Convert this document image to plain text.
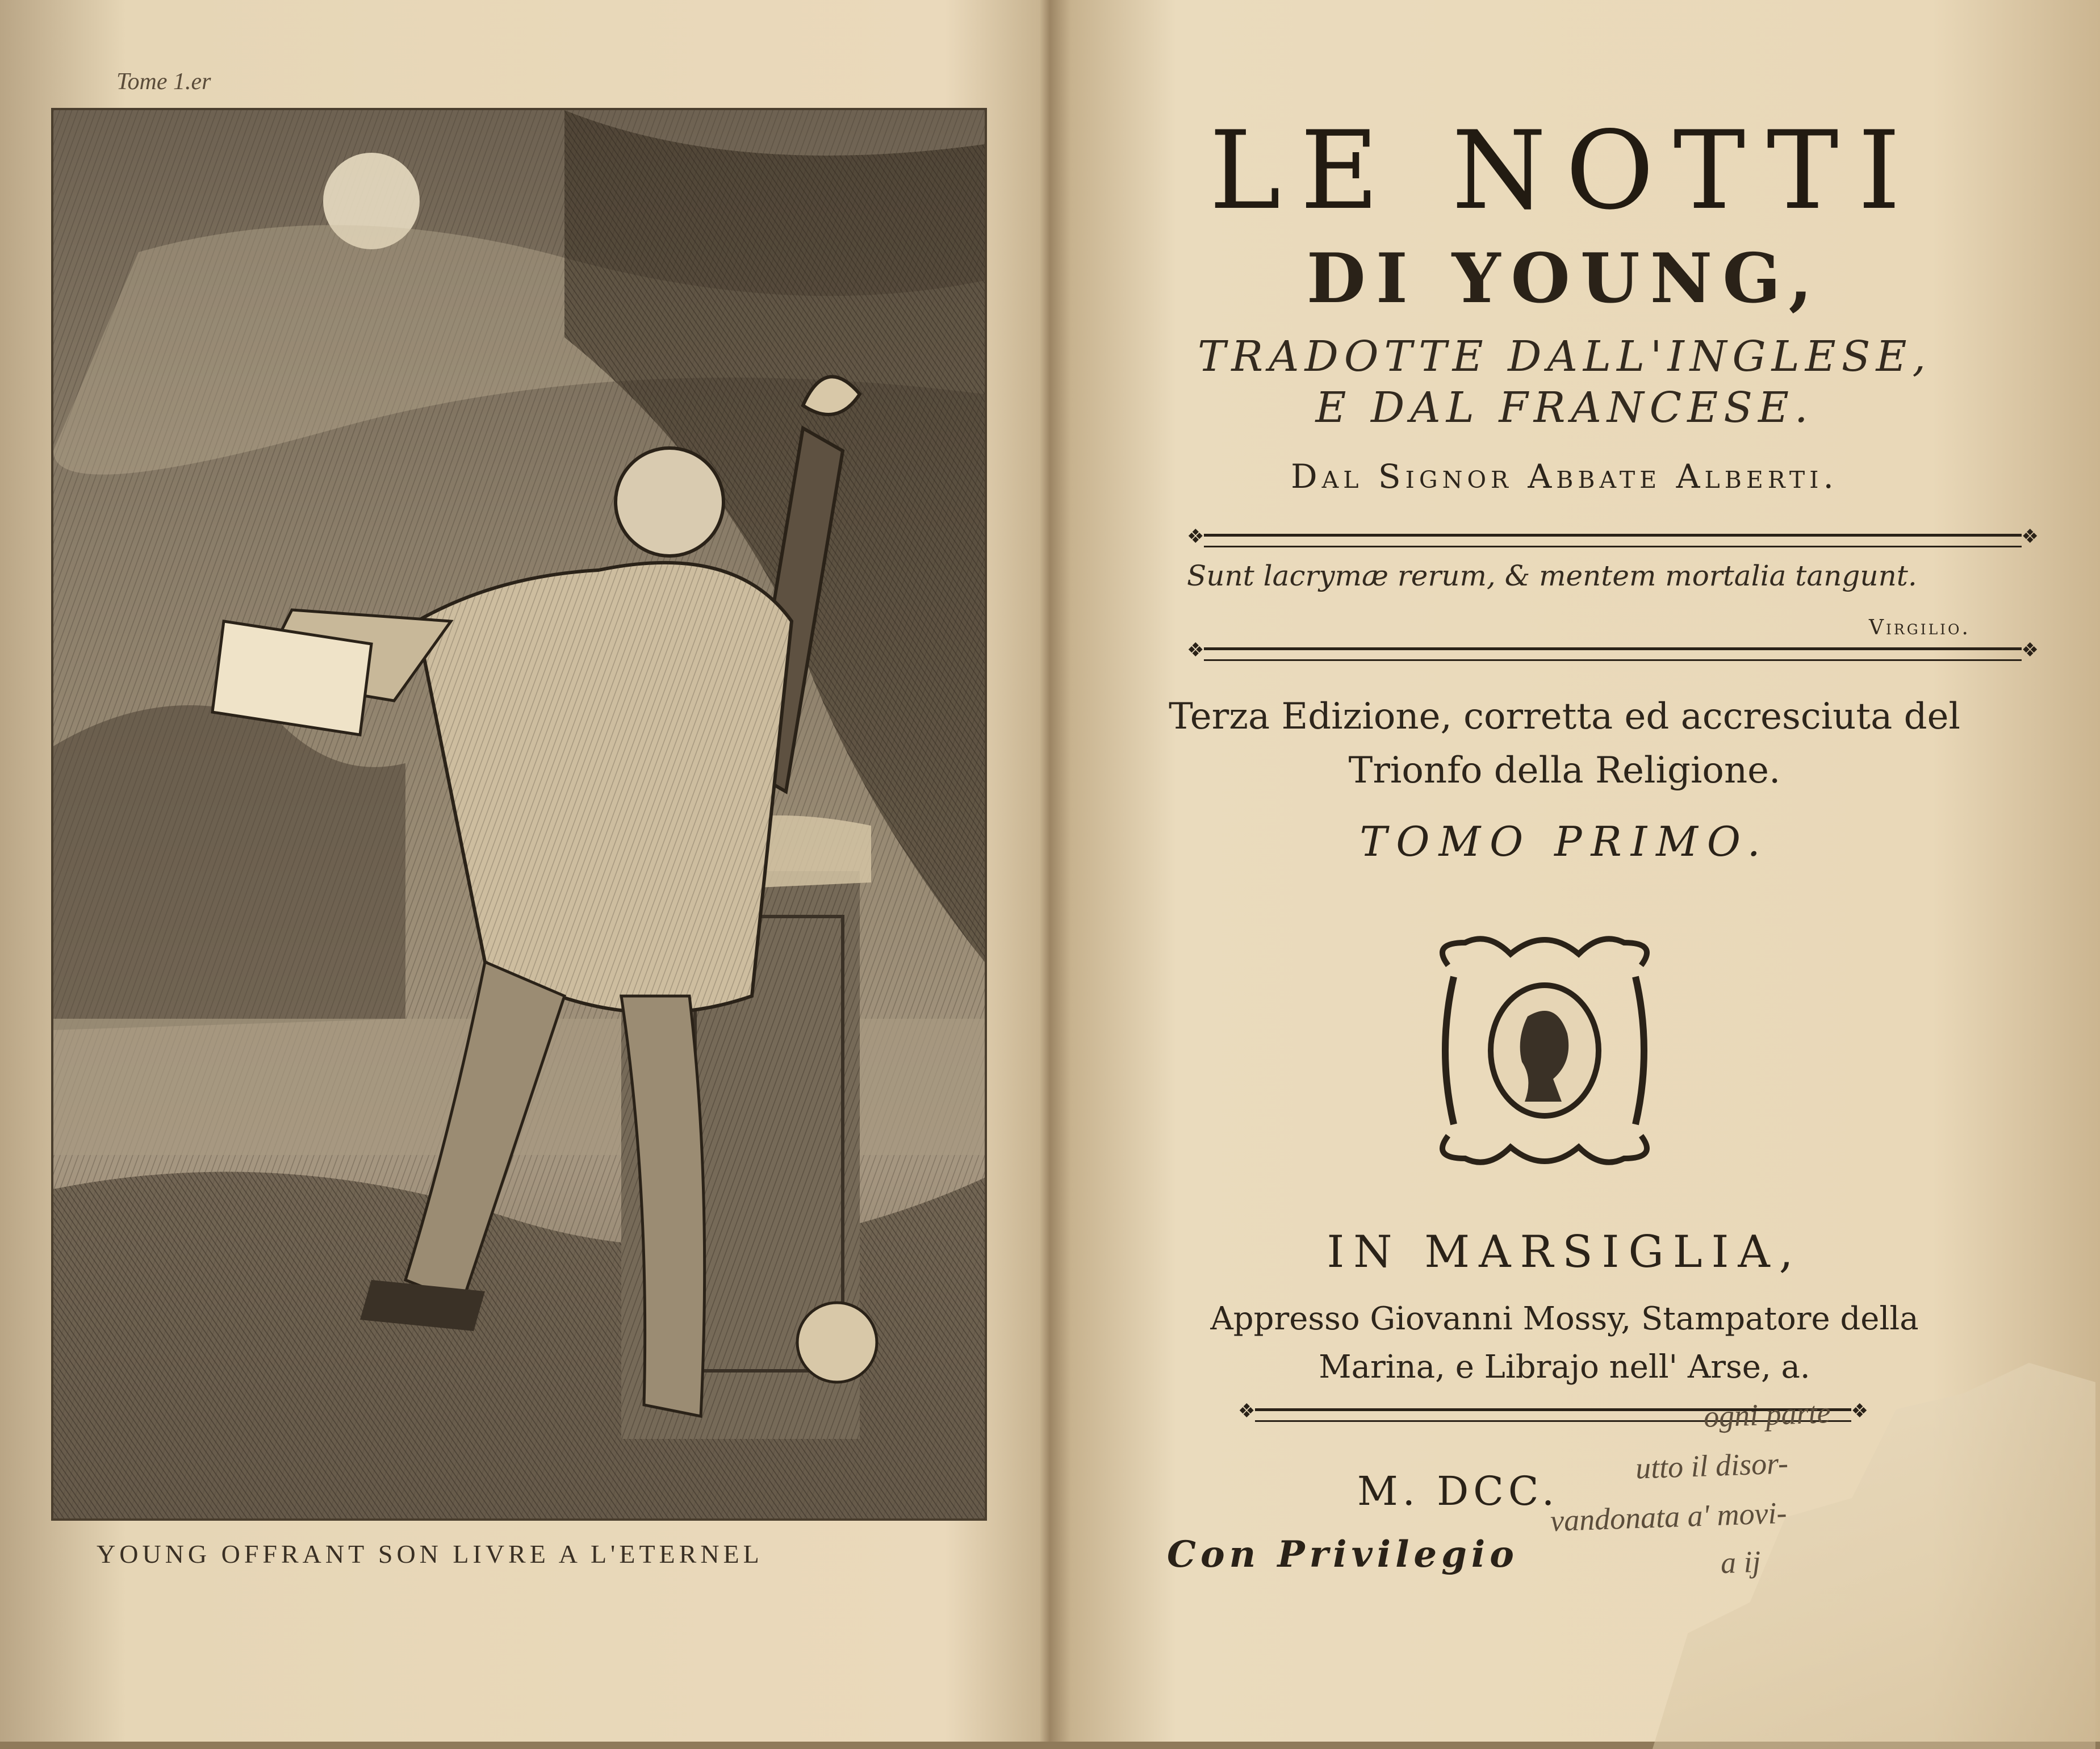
Tome 1.er
YOUNG OFFRANT SON LIVRE A L'ETERNEL
LE NOTTI
DI YOUNG,
TRADOTTE DALL'INGLESE,
E DAL FRANCESE.
Dal Signor Abbate Alberti.
❖ ❖
Sunt lacrymæ rerum, & mentem mortalia tangunt.
Virgilio.
❖ ❖
Terza Edizione, corretta ed accresciuta del
Trionfo della Religione.
TOMO PRIMO.
IN MARSIGLIA,
Appresso Giovanni Mossy, Stampatore della
Marina, e Librajo nell' Arse, a.
❖ ❖
ogni parte
utto il disor-
vandonata a' movi-
a ij
M. DCC.
Con Privilegio
